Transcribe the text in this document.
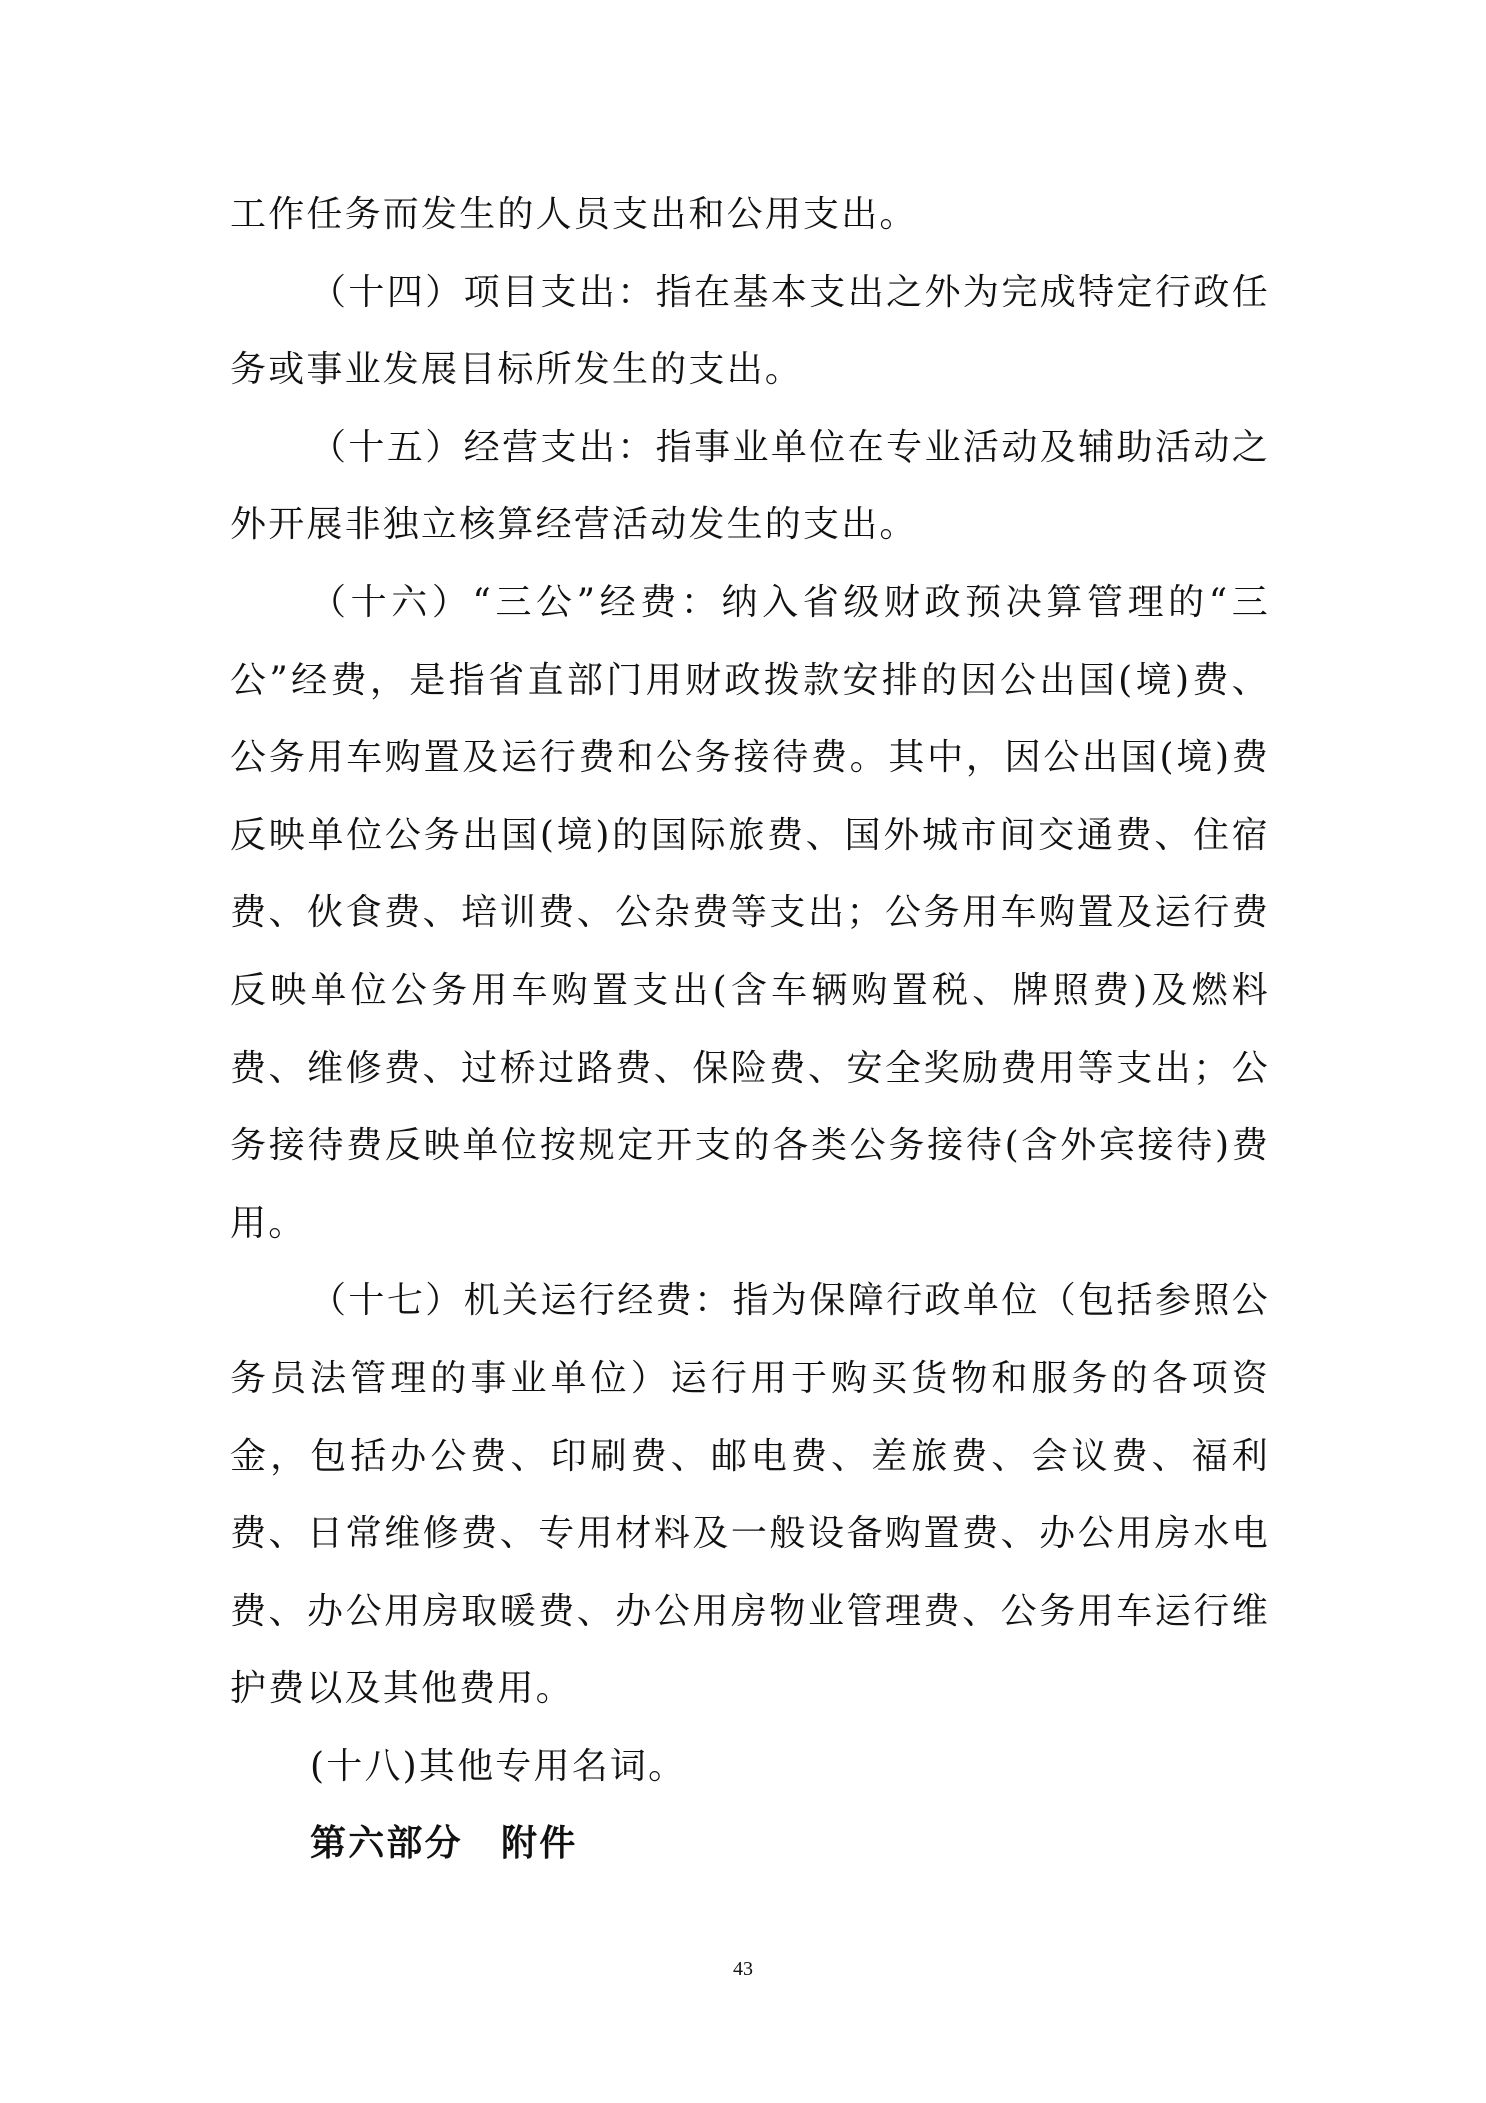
工作任务而发生的人员支出和公用支出。

（十四）项目支出：指在基本支出之外为完成特定行政任务或事业发展目标所发生的支出。

（十五）经营支出：指事业单位在专业活动及辅助活动之外开展非独立核算经营活动发生的支出。

（十六）“三公”经费：纳入省级财政预决算管理的“三公”经费，是指省直部门用财政拨款安排的因公出国(境)费、公务用车购置及运行费和公务接待费。其中，因公出国(境)费反映单位公务出国(境)的国际旅费、国外城市间交通费、住宿费、伙食费、培训费、公杂费等支出；公务用车购置及运行费反映单位公务用车购置支出(含车辆购置税、牌照费)及燃料费、维修费、过桥过路费、保险费、安全奖励费用等支出；公务接待费反映单位按规定开支的各类公务接待(含外宾接待)费用。

（十七）机关运行经费：指为保障行政单位（包括参照公务员法管理的事业单位）运行用于购买货物和服务的各项资金，包括办公费、印刷费、邮电费、差旅费、会议费、福利费、日常维修费、专用材料及一般设备购置费、办公用房水电费、办公用房取暖费、办公用房物业管理费、公务用车运行维护费以及其他费用。

(十八)其他专用名词。

第六部分　附件

43
